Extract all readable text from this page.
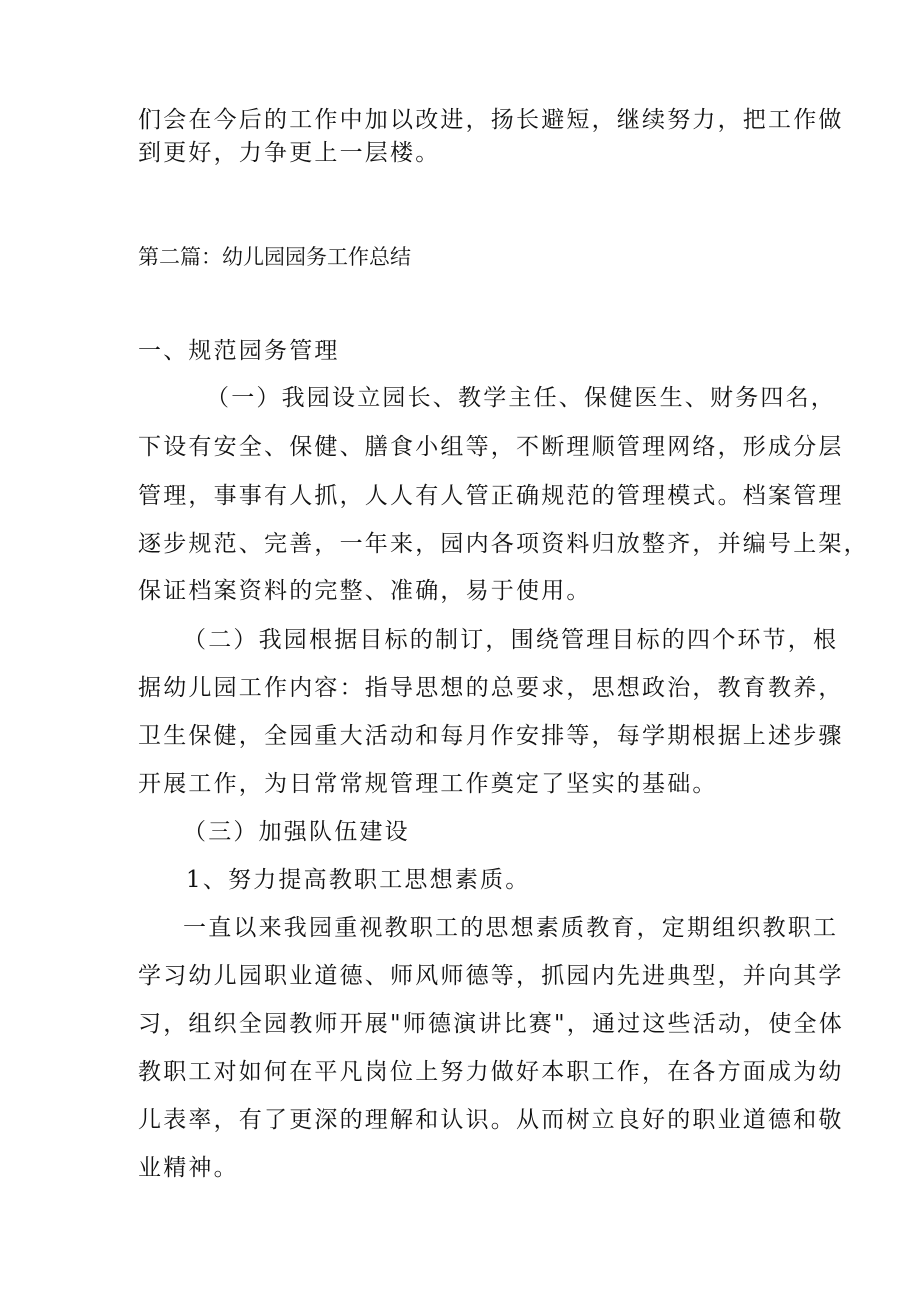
们会在今后的工作中加以改进，扬长避短，继续努力，把工作做
到更好，力争更上一层楼。
第二篇：幼儿园园务工作总结
一、规范园务管理
（一）我园设立园长、教学主任、保健医生、财务四名，
下设有安全、保健、膳食小组等，不断理顺管理网络，形成分层
管理，事事有人抓，人人有人管正确规范的管理模式。档案管理
逐步规范、完善，一年来，园内各项资料归放整齐，并编号上架，
保证档案资料的完整、准确，易于使用。
（二）我园根据目标的制订，围绕管理目标的四个环节，根
据幼儿园工作内容：指导思想的总要求，思想政治，教育教养，
卫生保健，全园重大活动和每月作安排等，每学期根据上述步骤
开展工作，为日常常规管理工作奠定了坚实的基础。
（三）加强队伍建设
1、努力提高教职工思想素质。
一直以来我园重视教职工的思想素质教育，定期组织教职工
学习幼儿园职业道德、师风师德等，抓园内先进典型，并向其学
习，组织全园教师开展"师德演讲比赛"，通过这些活动，使全体
教职工对如何在平凡岗位上努力做好本职工作，在各方面成为幼
儿表率，有了更深的理解和认识。从而树立良好的职业道德和敬
业精神。
